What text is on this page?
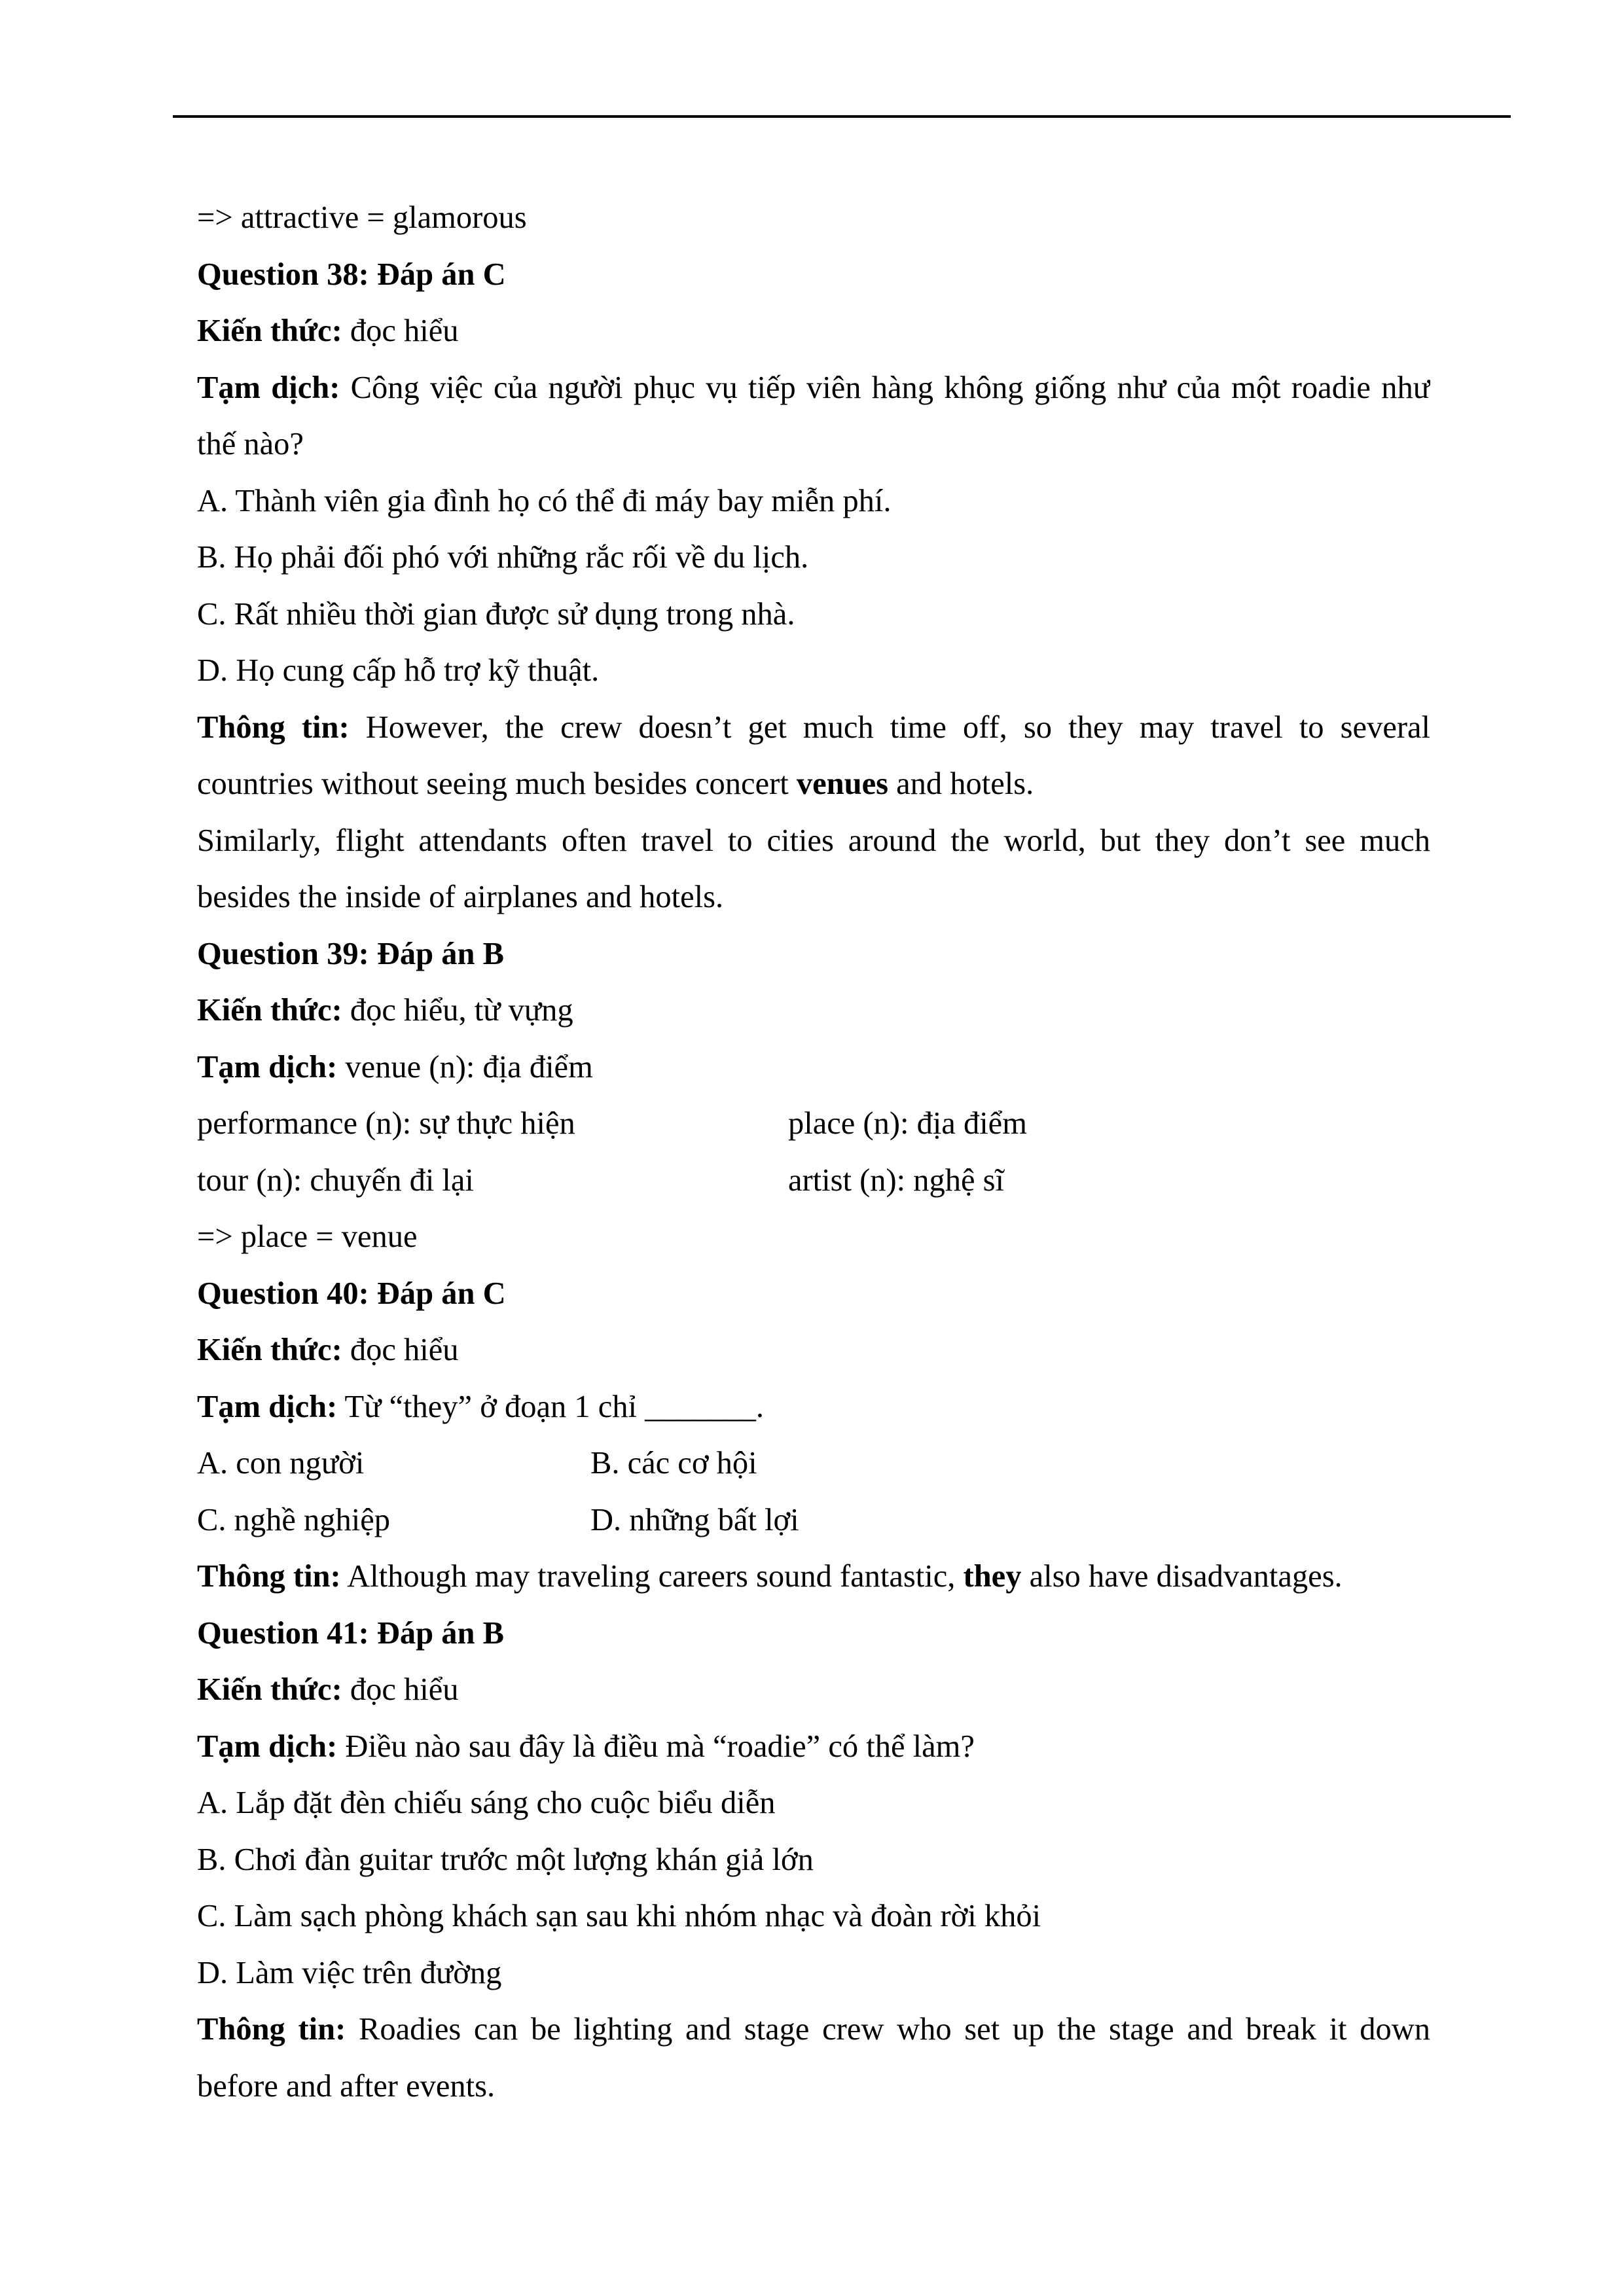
=> attractive = glamorous
Question 38: Đáp án C
Kiến thức: đọc hiểu
Tạm dịch: Công việc của người phục vụ tiếp viên hàng không giống như của một roadie như
thế nào?
A. Thành viên gia đình họ có thể đi máy bay miễn phí.
B. Họ phải đối phó với những rắc rối về du lịch.
C. Rất nhiều thời gian được sử dụng trong nhà.
D. Họ cung cấp hỗ trợ kỹ thuật.
Thông tin: However, the crew doesn’t get much time off, so they may travel to several
countries without seeing much besides concert venues and hotels.
Similarly, flight attendants often travel to cities around the world, but they don’t see much
besides the inside of airplanes and hotels.
Question 39: Đáp án B
Kiến thức: đọc hiểu, từ vựng
Tạm dịch: venue (n): địa điểm
performance (n): sự thực hiện	place (n): địa điểm
tour (n): chuyến đi lại	artist (n): nghệ sĩ
=> place = venue
Question 40: Đáp án C
Kiến thức: đọc hiểu
Tạm dịch: Từ “they” ở đoạn 1 chỉ _______.
A. con người	B. các cơ hội
C. nghề nghiệp	D. những bất lợi
Thông tin: Although may traveling careers sound fantastic, they also have disadvantages.
Question 41: Đáp án B
Kiến thức: đọc hiểu
Tạm dịch: Điều nào sau đây là điều mà “roadie” có thể làm?
A. Lắp đặt đèn chiếu sáng cho cuộc biểu diễn
B. Chơi đàn guitar trước một lượng khán giả lớn
C. Làm sạch phòng khách sạn sau khi nhóm nhạc và đoàn rời khỏi
D. Làm việc trên đường
Thông tin: Roadies can be lighting and stage crew who set up the stage and break it down
before and after events.
